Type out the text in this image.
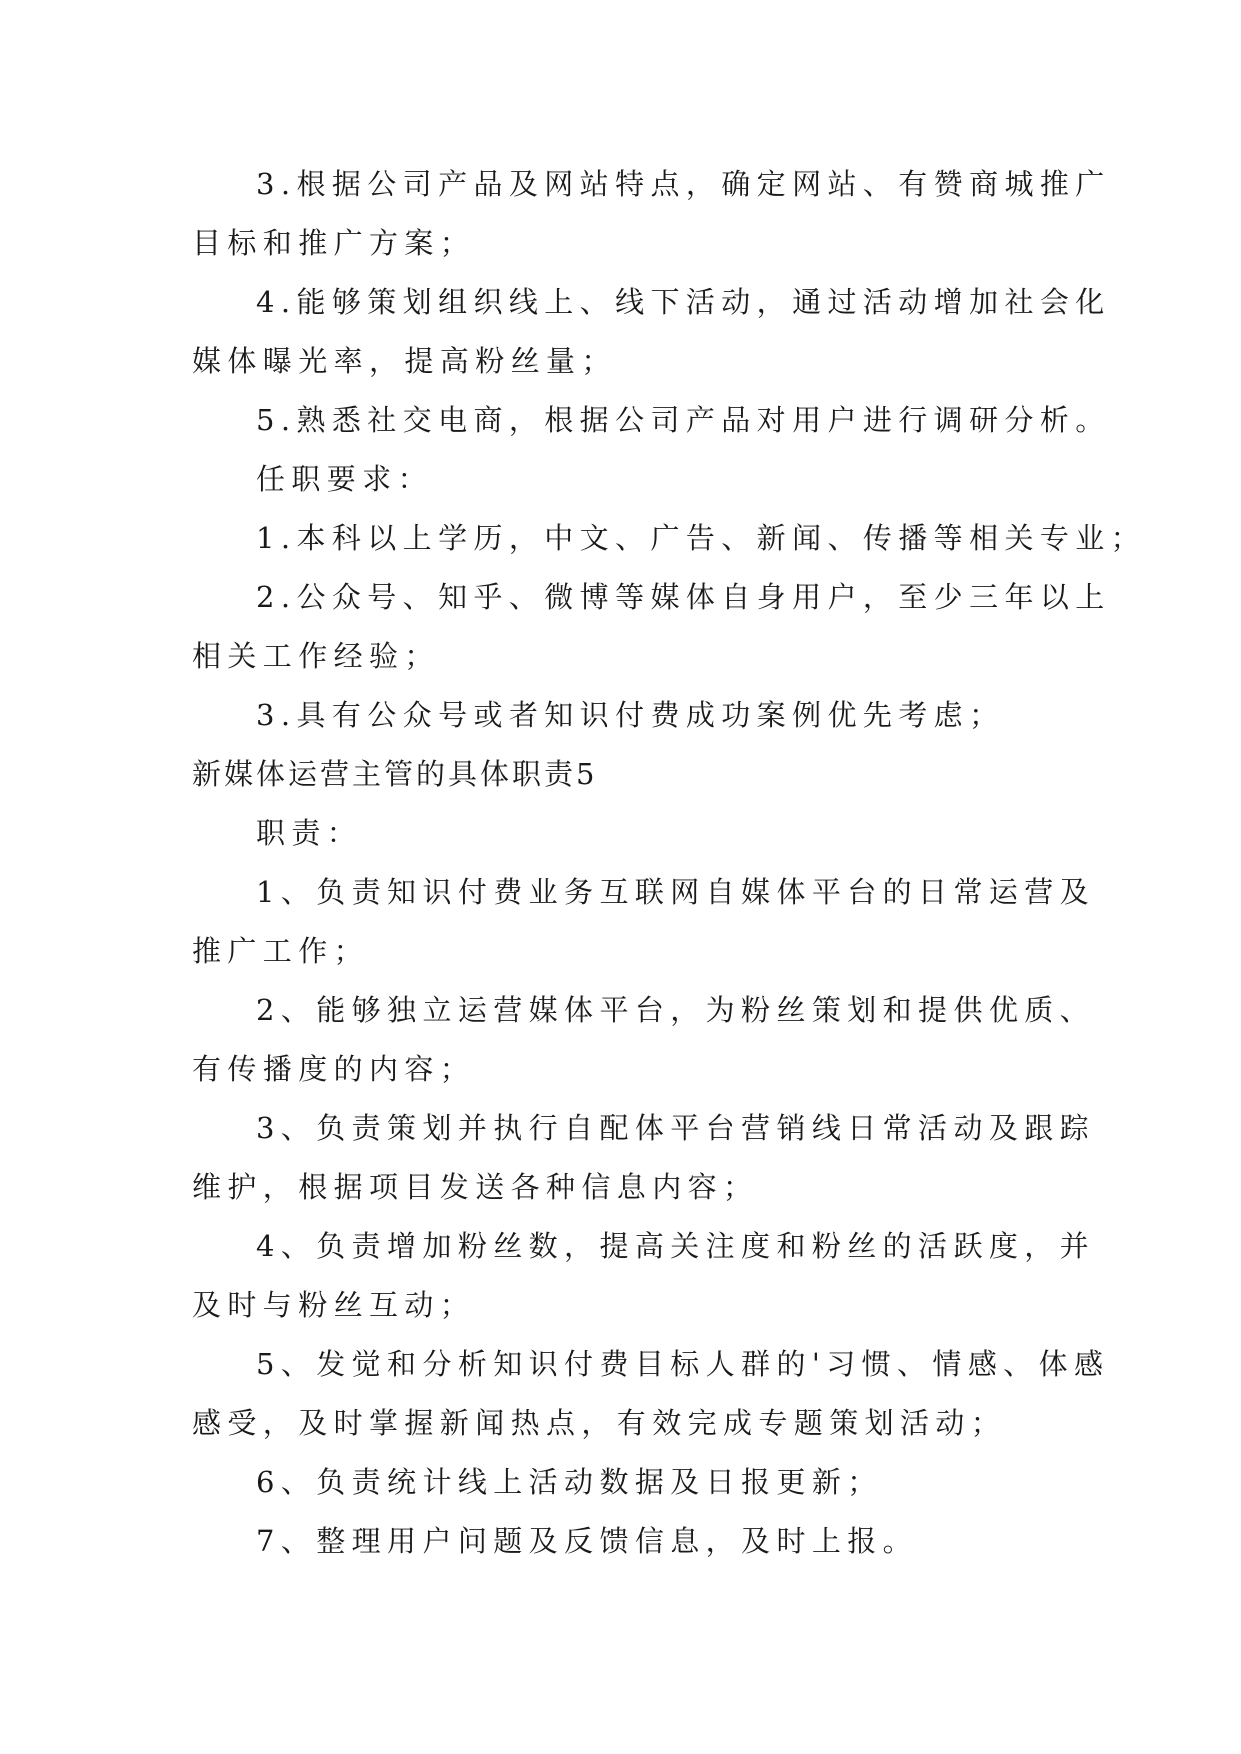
3.根据公司产品及网站特点，确定网站、有赞商城推广
目标和推广方案；
4.能够策划组织线上、线下活动，通过活动增加社会化
媒体曝光率，提高粉丝量；
5.熟悉社交电商，根据公司产品对用户进行调研分析。
任职要求：
1.本科以上学历，中文、广告、新闻、传播等相关专业；
2.公众号、知乎、微博等媒体自身用户，至少三年以上
相关工作经验；
3.具有公众号或者知识付费成功案例优先考虑；
新媒体运营主管的具体职责5
职责：
1、负责知识付费业务互联网自媒体平台的日常运营及
推广工作；
2、能够独立运营媒体平台，为粉丝策划和提供优质、
有传播度的内容；
3、负责策划并执行自配体平台营销线日常活动及跟踪
维护，根据项目发送各种信息内容；
4、负责增加粉丝数，提高关注度和粉丝的活跃度，并
及时与粉丝互动；
5、发觉和分析知识付费目标人群的'习惯、情感、体感
感受，及时掌握新闻热点，有效完成专题策划活动；
6、负责统计线上活动数据及日报更新；
7、整理用户问题及反馈信息，及时上报。
